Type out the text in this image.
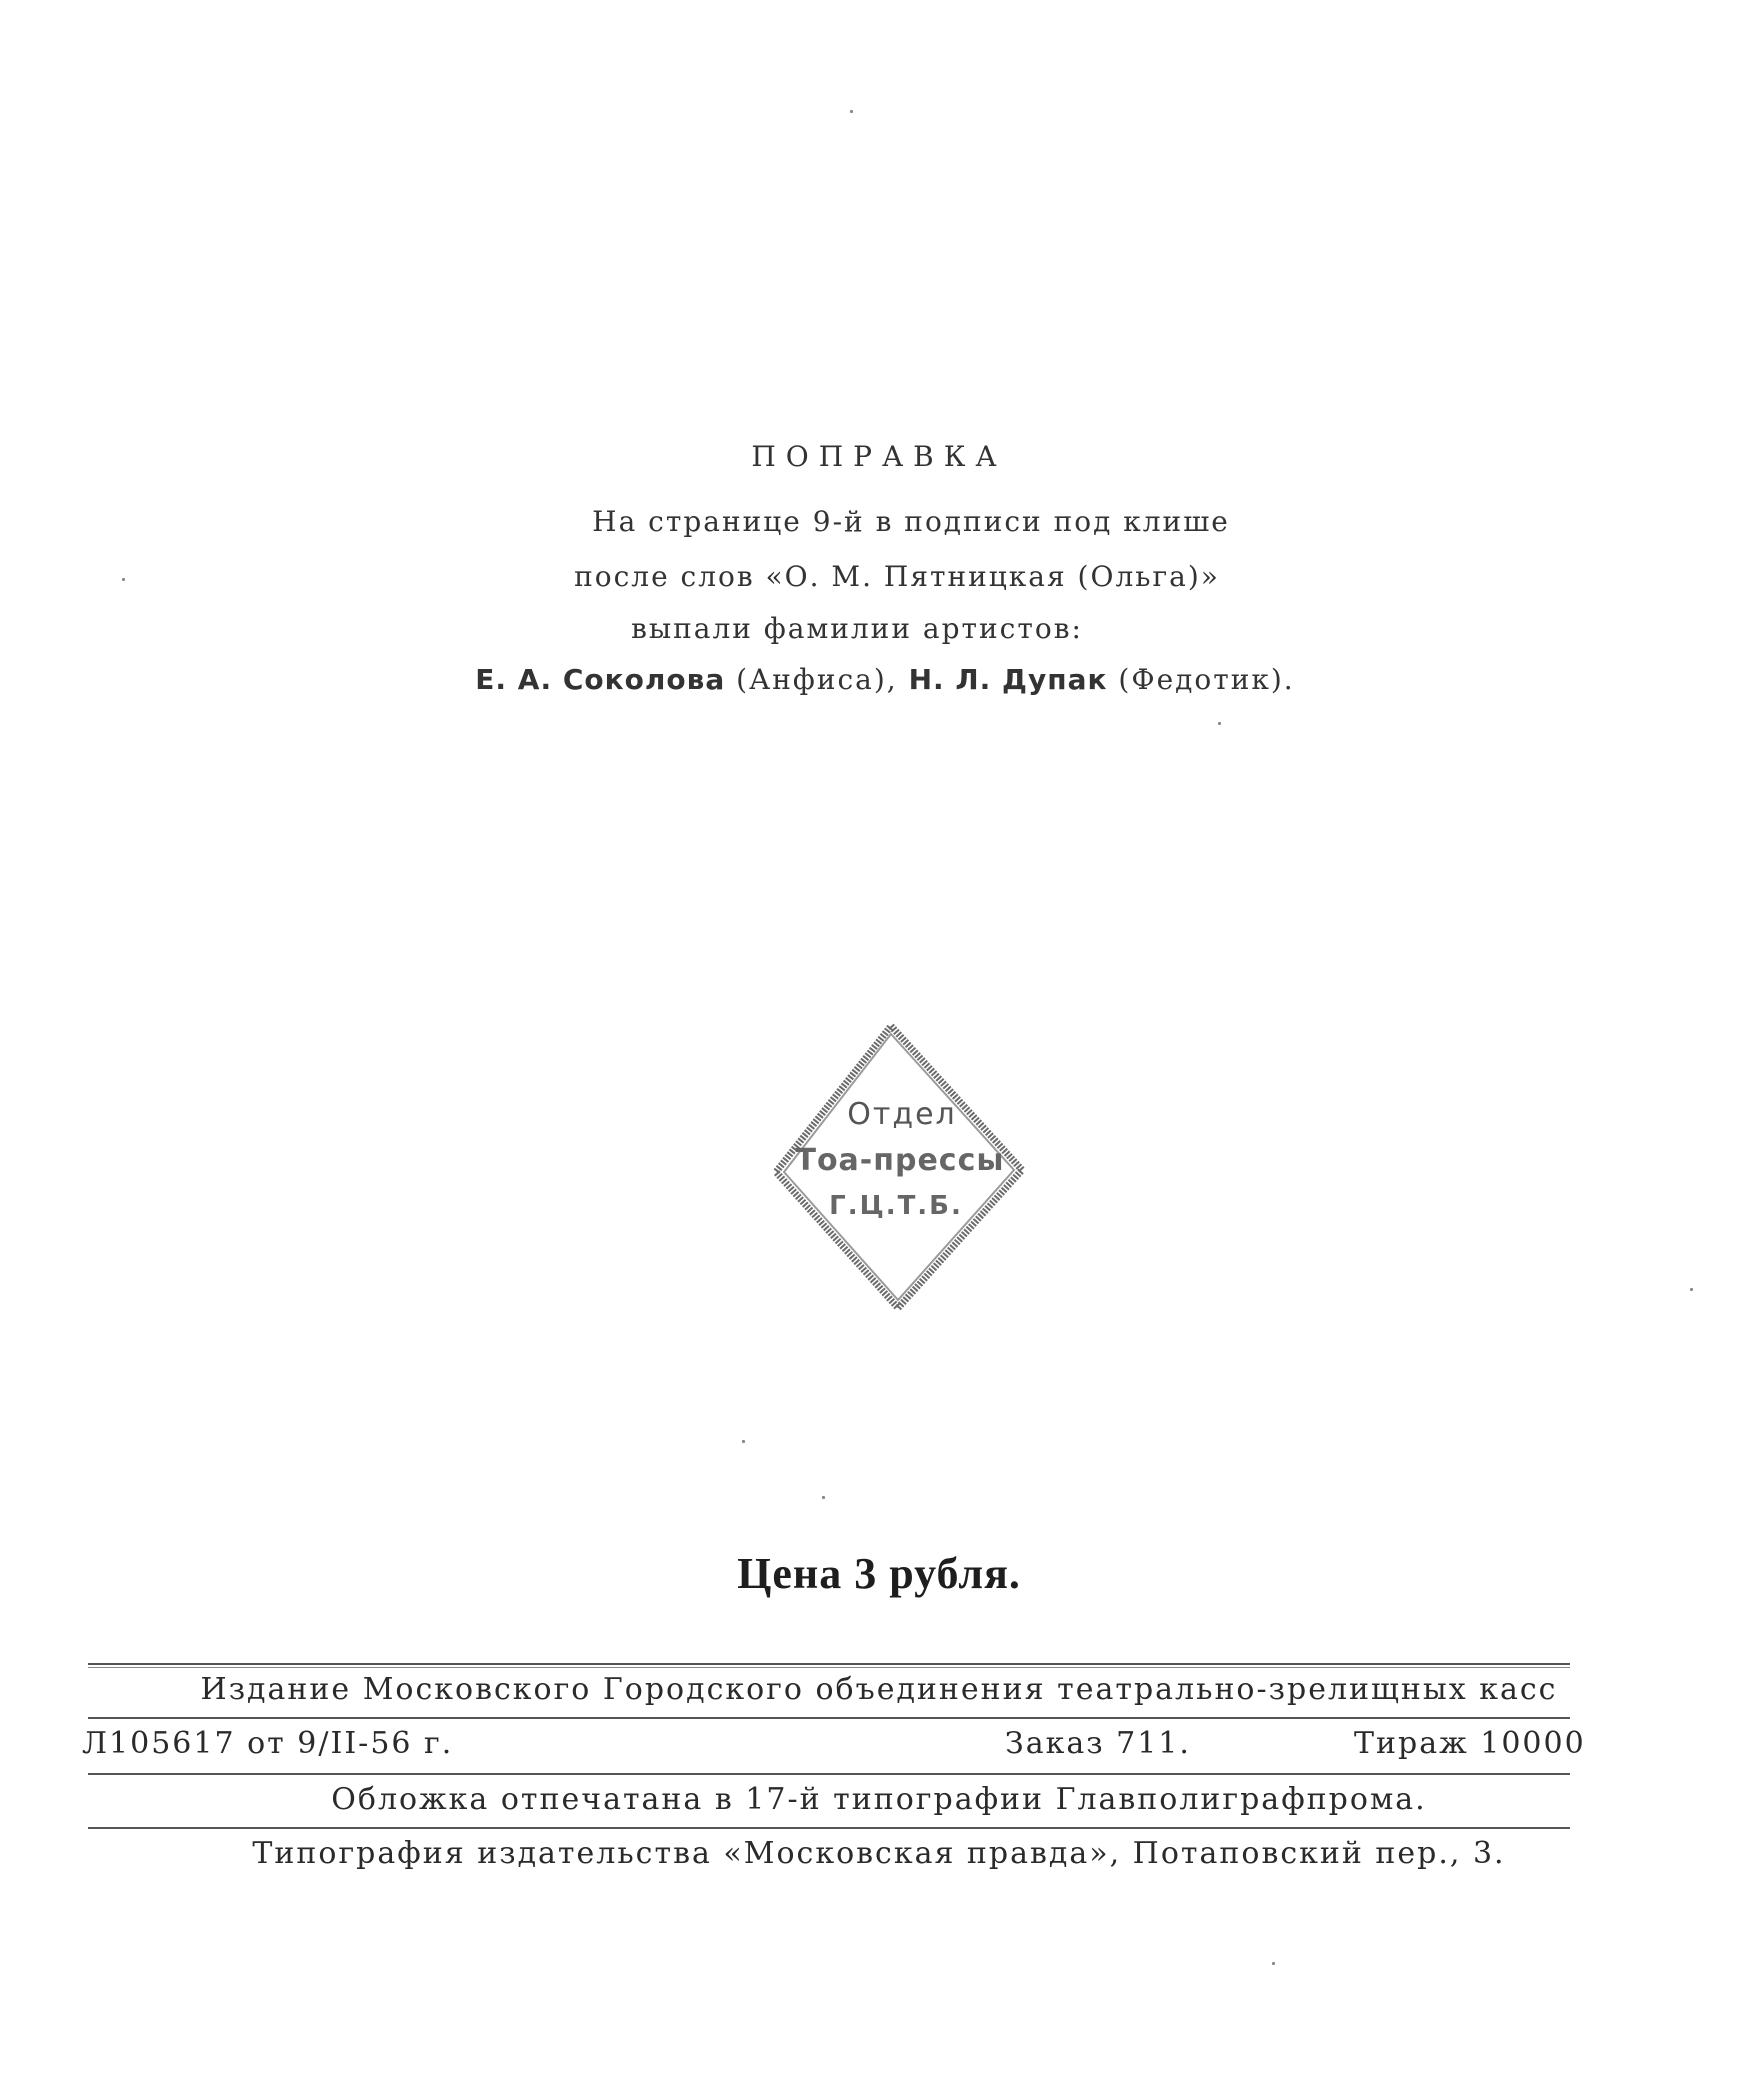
ПОПРАВКА
На странице 9-й в подписи под клише
после слов «О. М. Пятницкая (Ольга)»
выпали фамилии артистов:
Е. А. Соколова (Анфиса), Н. Л. Дупак (Федотик).
Отдел
Тоа-прессы
Г.Ц.Т.Б.
Цена 3 рубля.
Издание Московского Городского объединения театрально-зрелищных касс
Л105617 от 9/II-56 г.	Заказ 711.	Тираж 10000
Обложка отпечатана в 17-й типографии Главполиграфпрома.
Типография издательства «Московская правда», Потаповский пер., 3.
